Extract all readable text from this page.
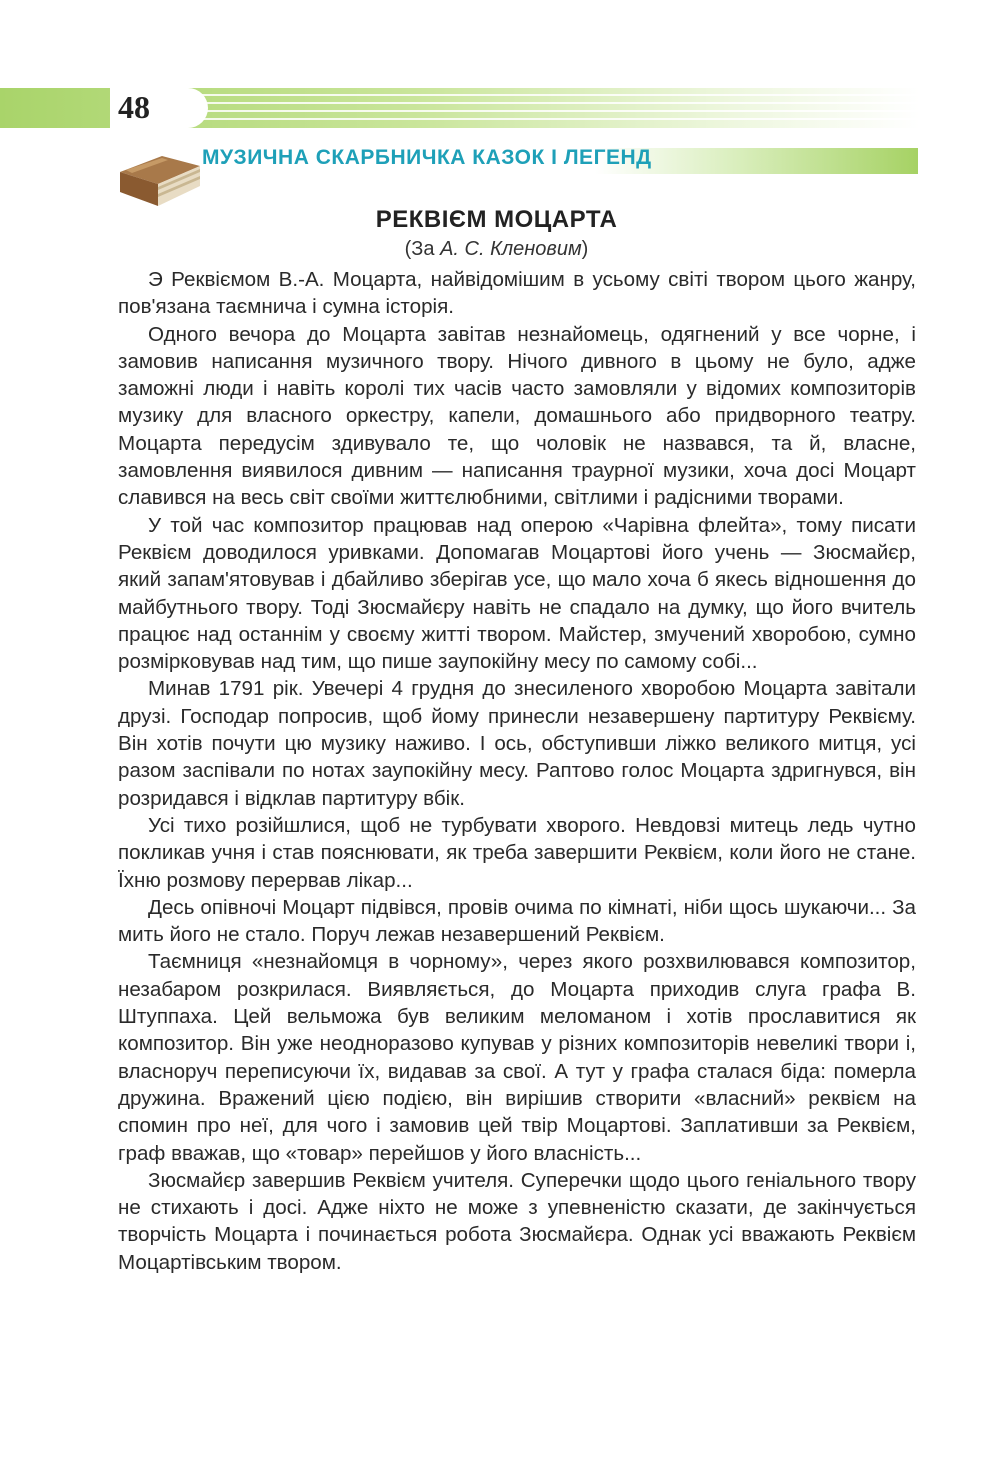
48
МУЗИЧНА СКАРБНИЧКА КАЗОК І ЛЕГЕНД
РЕКВІЄМ МОЦАРТА
(За А. С. Кленовим)

Э Реквіємом В.-А. Моцарта, найвідомішим в усьому світі твором цього жанру, пов'язана таємнича і сумна історія.

Одного вечора до Моцарта завітав незнайомець, одягнений у все чорне, і замовив написання музичного твору. Нічого дивного в цьому не було, адже заможні люди і навіть королі тих часів часто замовляли у відомих композиторів музику для власного оркестру, капели, домашнього або придворного театру. Моцарта передусім здивувало те, що чоловік не назвався, та й, власне, замовлення виявилося дивним — написання траурної музики, хоча досі Моцарт славився на весь світ своїми життєлюбними, світлими і радісними творами.

У той час композитор працював над оперою «Чарівна флейта», тому писати Реквієм доводилося уривками. Допомагав Моцартові його учень — Зюсмайєр, який запам'ятовував і дбайливо зберігав усе, що мало хоча б якесь відношення до майбутнього твору. Тоді Зюсмайєру навіть не спадало на думку, що його вчитель працює над останнім у своєму житті твором. Майстер, змучений хворобою, сумно розмірковував над тим, що пише заупокійну месу по самому собі...

Минав 1791 рік. Увечері 4 грудня до знесиленого хворобою Моцарта завітали друзі. Господар попросив, щоб йому принесли незавершену партитуру Реквієму. Він хотів почути цю музику наживо. І ось, обступивши ліжко великого митця, усі разом заспівали по нотах заупокійну месу. Раптово голос Моцарта здригнувся, він розридався і відклав партитуру вбік.

Усі тихо розійшлися, щоб не турбувати хворого. Невдовзі митець ледь чутно покликав учня і став пояснювати, як треба завершити Реквієм, коли його не стане. Їхню розмову перервав лікар...

Десь опівночі Моцарт підвівся, провів очима по кімнаті, ніби щось шукаючи... За мить його не стало. Поруч лежав незавершений Реквієм.

Таємниця «незнайомця в чорному», через якого розхвилювався композитор, незабаром розкрилася. Виявляється, до Моцарта приходив слуга графа В. Штуппаха. Цей вельможа був великим меломаном і хотів прославитися як композитор. Він уже неодноразово купував у різних композиторів невеликі твори і, власноруч переписуючи їх, видавав за свої. А тут у графа сталася біда: померла дружина. Вражений цією подією, він вирішив створити «власний» реквієм на спомин про неї, для чого і замовив цей твір Моцартові. Заплативши за Реквієм, граф вважав, що «товар» перейшов у його власність...

Зюсмайєр завершив Реквієм учителя. Суперечки щодо цього геніального твору не стихають і досі. Адже ніхто не може з упевненістю сказати, де закінчується творчість Моцарта і починається робота Зюсмайєра. Однак усі вважають Реквієм Моцартівським твором.
